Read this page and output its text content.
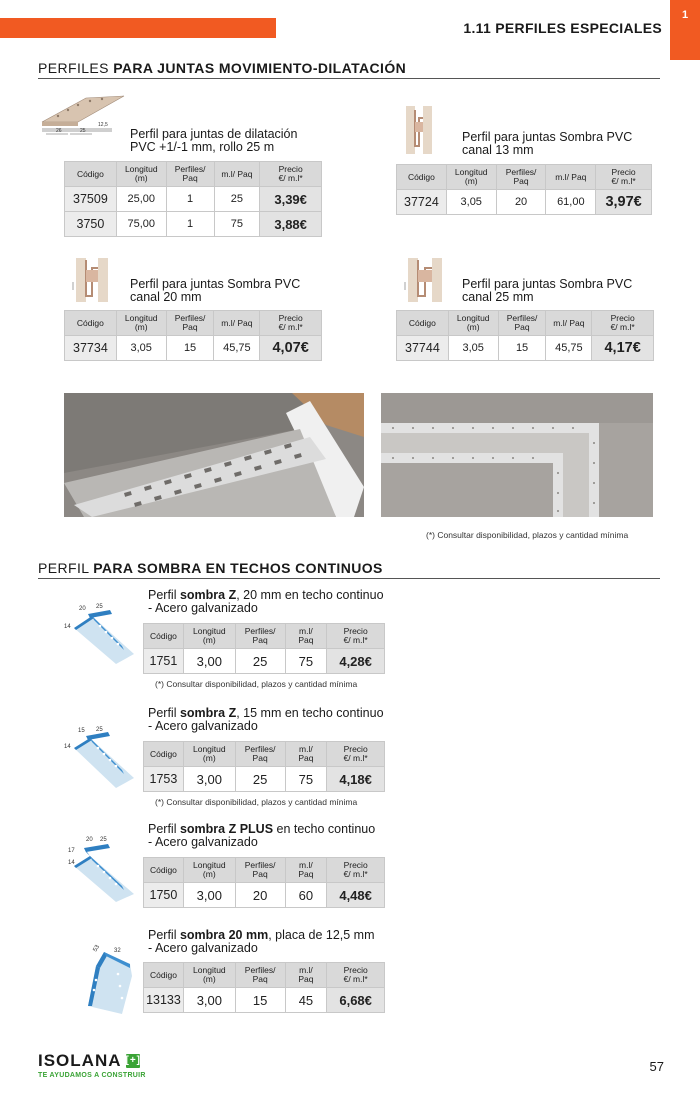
1.11 PERFILES ESPECIALES
1
PERFILES PARA JUNTAS MOVIMIENTO-DILATACIÓN
26	25
12,5
Perfil para juntas de dilatación
PVC +1/-1 mm, rollo 25 m
Código	Longitud
(m)	Perfiles/
Paq	m.l/ Paq	Precio
€/ m.l*
37509	25,00	1	25	3,39€
3750	75,00	1	75	3,88€
Perfil para juntas Sombra PVC
canal 13 mm
Código	Longitud
(m)	Perfiles/
Paq	m.l/ Paq	Precio
€/ m.l*
37724	3,05	20	61,00	3,97€
Perfil para juntas Sombra PVC
canal 20 mm
Código	Longitud
(m)	Perfiles/
Paq	m.l/ Paq	Precio
€/ m.l*
37734	3,05	15	45,75	4,07€
Perfil para juntas Sombra PVC
canal 25 mm
Código	Longitud
(m)	Perfiles/
Paq	m.l/ Paq	Precio
€/ m.l*
37744	3,05	15	45,75	4,17€
(*) Consultar disponibilidad, plazos y cantidad mínima
PERFIL PARA SOMBRA EN TECHOS CONTINUOS
20 25
14
Perfil sombra Z, 20 mm en techo continuo
- Acero galvanizado
Código	Longitud
(m)	Perfiles/
Paq	m.l/
Paq	Precio
€/ m.l*
1751	3,00	25	75	4,28€
(*) Consultar disponibilidad, plazos y cantidad mínima
15 25
14
Perfil sombra Z, 15 mm en techo continuo
- Acero galvanizado
Código	Longitud
(m)	Perfiles/
Paq	m.l/
Paq	Precio
€/ m.l*
1753	3,00	25	75	4,18€
(*) Consultar disponibilidad, plazos y cantidad mínima
20 25
17
14
Perfil sombra Z PLUS en techo continuo
- Acero galvanizado
Código	Longitud
(m)	Perfiles/
Paq	m.l/
Paq	Precio
€/ m.l*
1750	3,00	20	60	4,48€
53 32
Perfil sombra 20 mm, placa de 12,5 mm
- Acero galvanizado
Código	Longitud
(m)	Perfiles/
Paq	m.l/
Paq	Precio
€/ m.l*
13133	3,00	15	45	6,68€
ISOLANA [+]
TE AYUDAMOS A CONSTRUIR
57
